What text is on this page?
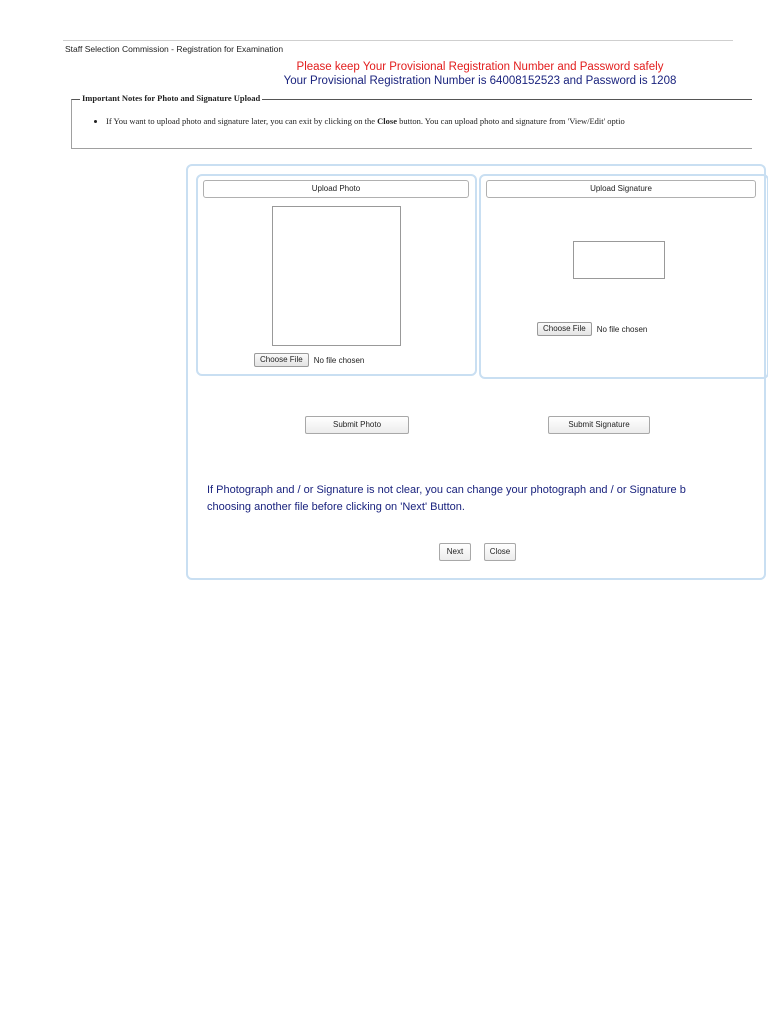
Staff Selection Commission - Registration for Examination
Please keep Your Provisional Registration Number and Password safely
Your Provisional Registration Number is 64008152523 and Password is 1208
Important Notes for Photo and Signature Upload
• If You want to upload photo and signature later, you can exit by clicking on the Close button. You can upload photo and signature from 'View/Edit' optio
Upload Photo
Choose File	No file chosen
Upload Signature
Choose File	No file chosen
Submit Photo	Submit Signature
If Photograph and / or Signature is not clear, you can change your photograph and / or Signature b
choosing another file before clicking on 'Next' Button.
Next	Close
